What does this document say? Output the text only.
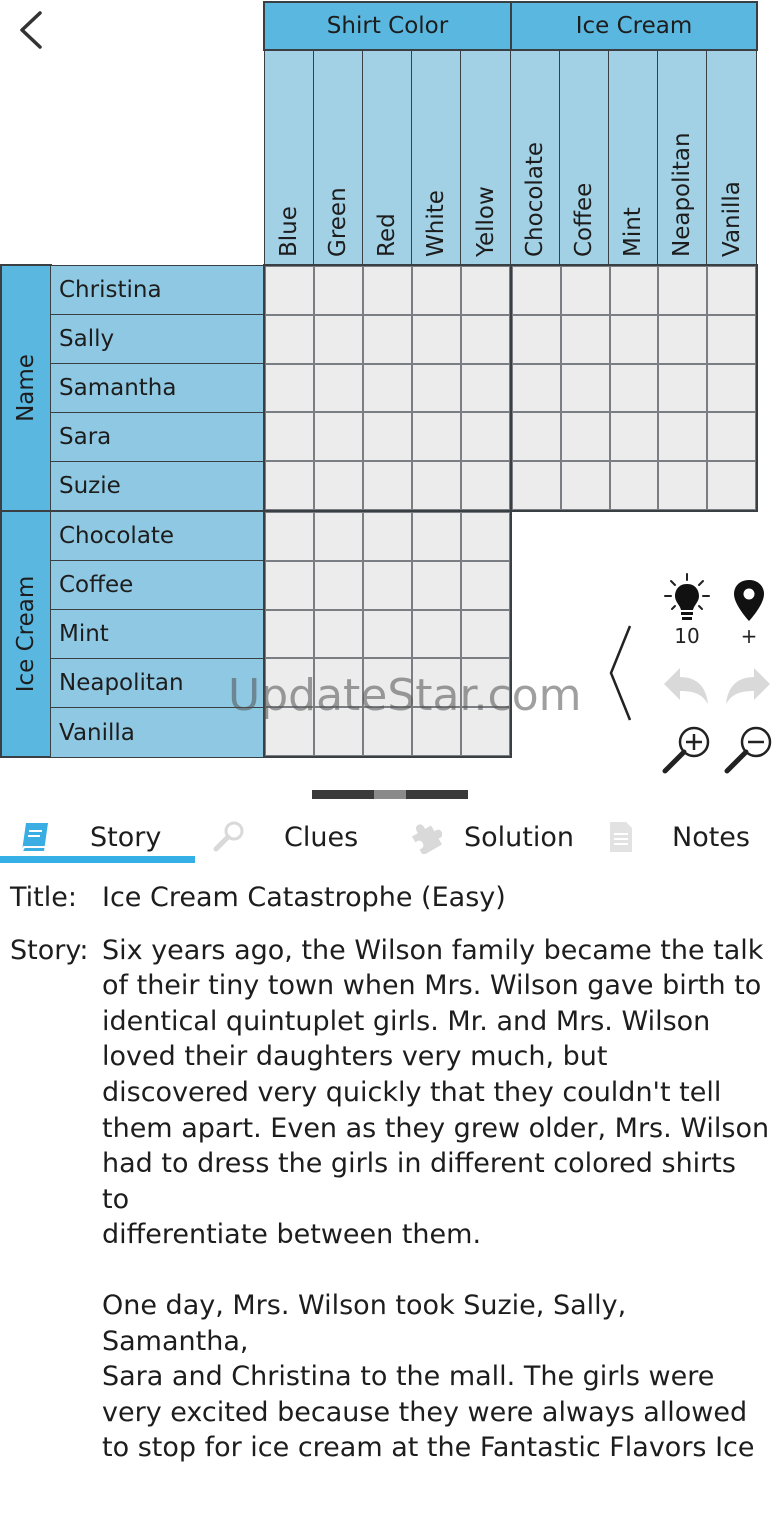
Shirt Color	Ice Cream
Blue Green Red White Yellow Chocolate Coffee Mint Neapolitan Vanilla
Name
Ice Cream
Christina
Sally
Samantha
Sara
Suzie
Chocolate
Coffee
Mint
Neapolitan
Vanilla
10	+
UpdateStar.com
Story	Clues	Solution	Notes
Title: Ice Cream Catastrophe (Easy)
Story: Six years ago, the Wilson family became the talk
of their tiny town when Mrs. Wilson gave birth to
identical quintuplet girls. Mr. and Mrs. Wilson
loved their daughters very much, but
discovered very quickly that they couldn't tell
them apart. Even as they grew older, Mrs. Wilson
had to dress the girls in different colored shirts to
differentiate between them.
One day, Mrs. Wilson took Suzie, Sally, Samantha,
Sara and Christina to the mall. The girls were
very excited because they were always allowed
to stop for ice cream at the Fantastic Flavors Ice
